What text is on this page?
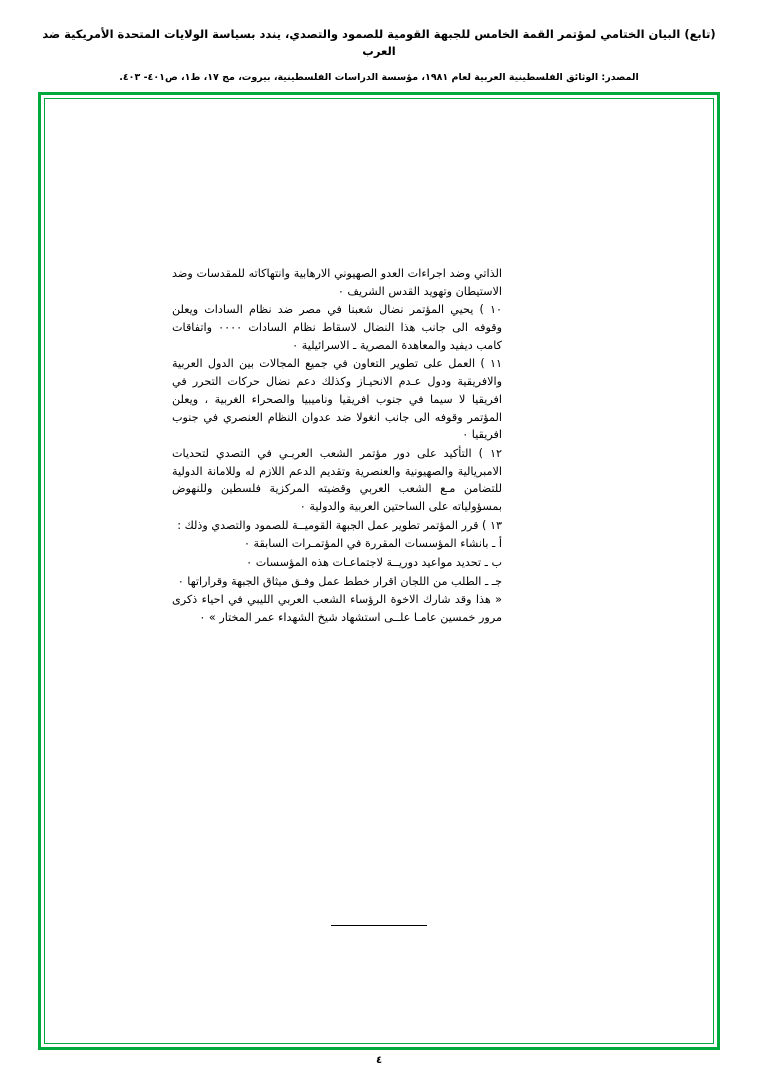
(تابع) البيان الختامي لمؤتمر القمة الخامس للجبهة القومية للصمود والتصدي، يندد بسياسة الولايات المتحدة الأمريكية ضد العرب
المصدر: الوثائق الفلسطينية العربية لعام ١٩٨١، مؤسسة الدراسات الفلسطينية، بيروت، مج ١٧، ط١، ص٤٠١- ٤٠٣.

الذاتي وضد اجراءات العدو الصهيوني الارهابية وانتهاكاته للمقدسات وضد الاستيطان وتهويد القدس الشريف ٠

١٠ ) يحيي المؤتمر نضال شعبنا في مصر ضد نظام السادات ويعلن وقوفه الى جانب هذا النضال لاسقاط نظام السادات ٠٠٠٠ واتفاقات كامب ديفيد والمعاهدة المصرية ـ الاسرائيلية ٠

١١ ) العمل على تطوير التعاون في جميع المجالات بين الدول العربية والافريقية ودول عـدم الانحيـاز وكذلك دعم نضال حركات التحرر في افريقيا لا سيما في جنوب افريقيا وناميبيا والصحراء الغربية ، ويعلن المؤتمر وقوفه الى جانب انغولا ضد عدوان النظام العنصري في جنوب افريقيا ٠

١٢ ) التأكيد على دور مؤتمر الشعب العربـي في التصدي لتحديات الامبريالية والصهيونية والعنصرية وتقديم الدعم اللازم له وللامانة الدولية للتضامن مـع الشعب العربي وقضيته المركزية فلسطين وللنهوض بمسؤولياته على الساحتين العربية والدولية ٠

١٣ ) قرر المؤتمر تطوير عمل الجبهة القوميــة للصمود والتصدي وذلك :

أ ـ بانشاء المؤسسات المقررة في المؤتمـرات السابقة ٠

ب ـ تحديد مواعيد دوريــة لاجتماعـات هذه المؤسسات ٠

جـ ـ الطلب من اللجان اقرار خطط عمل وفـق ميثاق الجبهة وقراراتها ٠

« هذا وقد شارك الاخوة الرؤساء الشعب العربي الليبي في احياء ذكرى مرور خمسين عامـا علــى استشهاد شيخ الشهداء عمر المختار » ٠

٤
